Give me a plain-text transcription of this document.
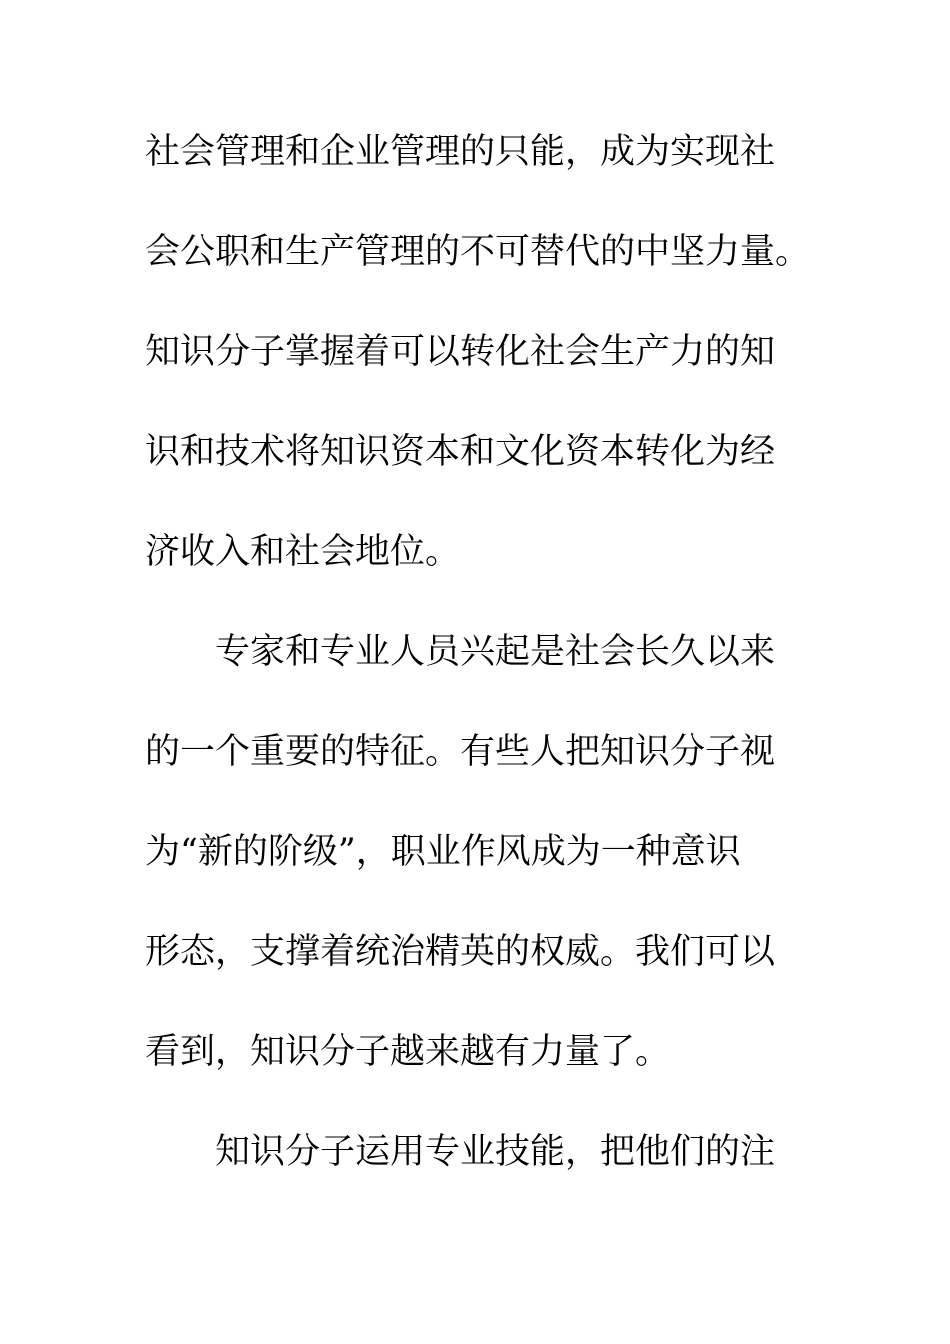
社会管理和企业管理的只能，成为实现社
会公职和生产管理的不可替代的中坚力量。
知识分子掌握着可以转化社会生产力的知
识和技术将知识资本和文化资本转化为经
济收入和社会地位。
专家和专业人员兴起是社会长久以来
的一个重要的特征。有些人把知识分子视
为“新的阶级”，职业作风成为一种意识
形态，支撑着统治精英的权威。我们可以
看到，知识分子越来越有力量了。
知识分子运用专业技能，把他们的注
